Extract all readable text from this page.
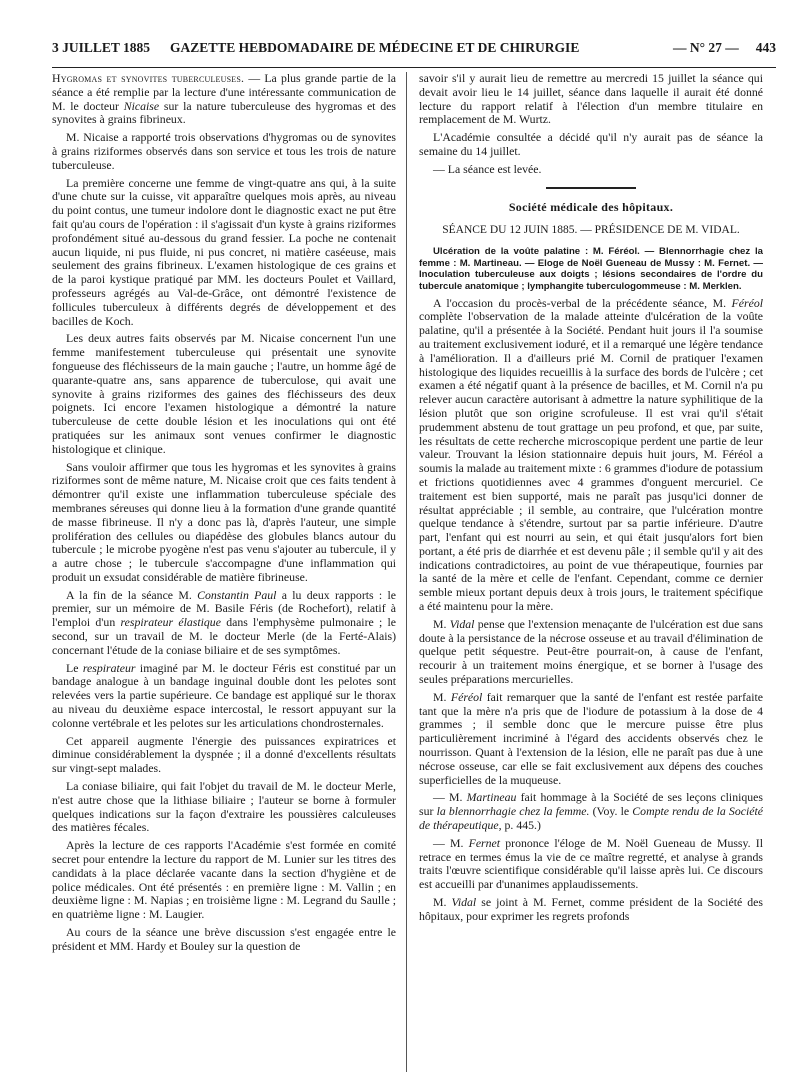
3 JUILLET 1885 GAZETTE HEBDOMADAIRE DE MÉDECINE ET DE CHIRURGIE	— N° 27 — 443

Hygromas et synovites tuberculeuses. — La plus grande partie de la séance a été remplie par la lecture d'une intéressante communication de M. le docteur Nicaise sur la nature tuberculeuse des hygromas et des synovites à grains fibrineux.

M. Nicaise a rapporté trois observations d'hygromas ou de synovites à grains riziformes observés dans son service et tous les trois de nature tuberculeuse.

La première concerne une femme de vingt-quatre ans qui, à la suite d'une chute sur la cuisse, vit apparaître quelques mois après, au niveau du point contus, une tumeur indolore dont le diagnostic exact ne put être fait qu'au cours de l'opération : il s'agissait d'un kyste à grains riziformes profondément situé au-dessous du grand fessier. La poche ne contenait aucun liquide, ni pus fluide, ni pus concret, ni matière caséeuse, mais seulement des grains fibrineux. L'examen histologique de ces grains et de la paroi kystique pratiqué par MM. les docteurs Poulet et Vaillard, professeurs agrégés au Val-de-Grâce, ont démontré l'existence de follicules tuberculeux à différents degrés de développement et des bacilles de Koch.

Les deux autres faits observés par M. Nicaise concernent l'un une femme manifestement tuberculeuse qui présentait une synovite fongueuse des fléchisseurs de la main gauche ; l'autre, un homme âgé de quarante-quatre ans, sans apparence de tuberculose, qui avait une synovite à grains riziformes des gaines des fléchisseurs des deux poignets. Ici encore l'examen histologique a démontré la nature tuberculeuse de cette double lésion et les inoculations qui ont été pratiquées sur les animaux sont venues confirmer le diagnostic histologique et clinique.

Sans vouloir affirmer que tous les hygromas et les synovites à grains riziformes sont de même nature, M. Nicaise croit que ces faits tendent à démontrer qu'il existe une inflammation tuberculeuse spéciale des membranes séreuses qui donne lieu à la formation d'une grande quantité de masse fibrineuse. Il n'y a donc pas là, d'après l'auteur, une simple prolifération des cellules ou diapédèse des globules blancs autour du tubercule ; le microbe pyogène n'est pas venu s'ajouter au tubercule, il y a autre chose ; le tubercule s'accompagne d'une inflammation qui produit un exsudat considérable de matière fibrineuse.

A la fin de la séance M. Constantin Paul a lu deux rapports : le premier, sur un mémoire de M. Basile Féris (de Rochefort), relatif à l'emploi d'un respirateur élastique dans l'emphysème pulmonaire ; le second, sur un travail de M. le docteur Merle (de la Ferté-Alais) concernant l'étude de la coniase biliaire et de ses symptômes.

Le respirateur imaginé par M. le docteur Féris est constitué par un bandage analogue à un bandage inguinal double dont les pelotes sont relevées vers la partie supérieure. Ce bandage est appliqué sur le thorax au niveau du deuxième espace intercostal, le ressort appuyant sur la colonne vertébrale et les pelotes sur les articulations chondrosternales.

Cet appareil augmente l'énergie des puissances expiratrices et diminue considérablement la dyspnée ; il a donné d'excellents résultats sur vingt-sept malades.

La coniase biliaire, qui fait l'objet du travail de M. le docteur Merle, n'est autre chose que la lithiase biliaire ; l'auteur se borne à formuler quelques indications sur la façon d'extraire les poussières calculeuses des matières fécales.

Après la lecture de ces rapports l'Académie s'est formée en comité secret pour entendre la lecture du rapport de M. Lunier sur les titres des candidats à la place déclarée vacante dans la section d'hygiène et de police médicales. Ont été présentés : en première ligne : M. Vallin ; en deuxième ligne : M. Napias ; en troisième ligne : M. Legrand du Saulle ; en quatrième ligne : M. Laugier.

Au cours de la séance une brève discussion s'est engagée entre le président et MM. Hardy et Bouley sur la question de

savoir s'il y aurait lieu de remettre au mercredi 15 juillet la séance qui devait avoir lieu le 14 juillet, séance dans laquelle il aurait été donné lecture du rapport relatif à l'élection d'un membre titulaire en remplacement de M. Wurtz.

L'Académie consultée a décidé qu'il n'y aurait pas de séance la semaine du 14 juillet.

— La séance est levée.

Société médicale des hôpitaux.
SÉANCE DU 12 JUIN 1885. — PRÉSIDENCE DE M. VIDAL.

Ulcération de la voûte palatine : M. Féréol. — Blennorrhagie chez la femme : M. Martineau. — Eloge de Noël Gueneau de Mussy : M. Fernet. — Inoculation tuberculeuse aux doigts ; lésions secondaires de l'ordre du tubercule anatomique ; lymphangite tuberculogommeuse : M. Merklen.

A l'occasion du procès-verbal de la précédente séance, M. Féréol complète l'observation de la malade atteinte d'ulcération de la voûte palatine, qu'il a présentée à la Société. Pendant huit jours il l'a soumise au traitement exclusivement ioduré, et il a remarqué une légère tendance à l'amélioration. Il a d'ailleurs prié M. Cornil de pratiquer l'examen histologique des liquides recueillis à la surface des bords de l'ulcère ; cet examen a été négatif quant à la présence de bacilles, et M. Cornil n'a pu relever aucun caractère autorisant à admettre la nature syphilitique de la lésion plutôt que son origine scrofuleuse. Il est vrai qu'il s'était prudemment abstenu de tout grattage un peu profond, et que, par suite, les résultats de cette recherche microscopique perdent une partie de leur valeur. Trouvant la lésion stationnaire depuis huit jours, M. Féréol a soumis la malade au traitement mixte : 6 grammes d'iodure de potassium et frictions quotidiennes avec 4 grammes d'onguent mercuriel. Ce traitement est bien supporté, mais ne paraît pas jusqu'ici donner de résultat appréciable ; il semble, au contraire, que l'ulcération montre quelque tendance à s'étendre, surtout par sa partie inférieure. D'autre part, l'enfant qui est nourri au sein, et qui était jusqu'alors fort bien portant, a été pris de diarrhée et est devenu pâle ; il semble qu'il y ait des indications contradictoires, au point de vue thérapeutique, fournies par la santé de la mère et celle de l'enfant. Cependant, comme ce dernier semble mieux portant depuis deux à trois jours, le traitement spécifique a été maintenu pour la mère.

M. Vidal pense que l'extension menaçante de l'ulcération est due sans doute à la persistance de la nécrose osseuse et au travail d'élimination de quelque petit séquestre. Peut-être pourrait-on, à cause de l'enfant, recourir à un traitement moins énergique, et se borner à l'usage des seules préparations mercurielles.

M. Féréol fait remarquer que la santé de l'enfant est restée parfaite tant que la mère n'a pris que de l'iodure de potassium à la dose de 4 grammes ; il semble donc que le mercure puisse être plus particulièrement incriminé à l'égard des accidents observés chez le nourrisson. Quant à l'extension de la lésion, elle ne paraît pas due à une nécrose osseuse, car elle se fait exclusivement aux dépens des couches superficielles de la muqueuse.

— M. Martineau fait hommage à la Société de ses leçons cliniques sur la blennorrhagie chez la femme. (Voy. le Compte rendu de la Société de thérapeutique, p. 445.)

— M. Fernet prononce l'éloge de M. Noël Gueneau de Mussy. Il retrace en termes émus la vie de ce maître regretté, et analyse à grands traits l'œuvre scientifique considérable qu'il laisse après lui. Ce discours est accueilli par d'unanimes applaudissements.

M. Vidal se joint à M. Fernet, comme président de la Société des hôpitaux, pour exprimer les regrets profonds
